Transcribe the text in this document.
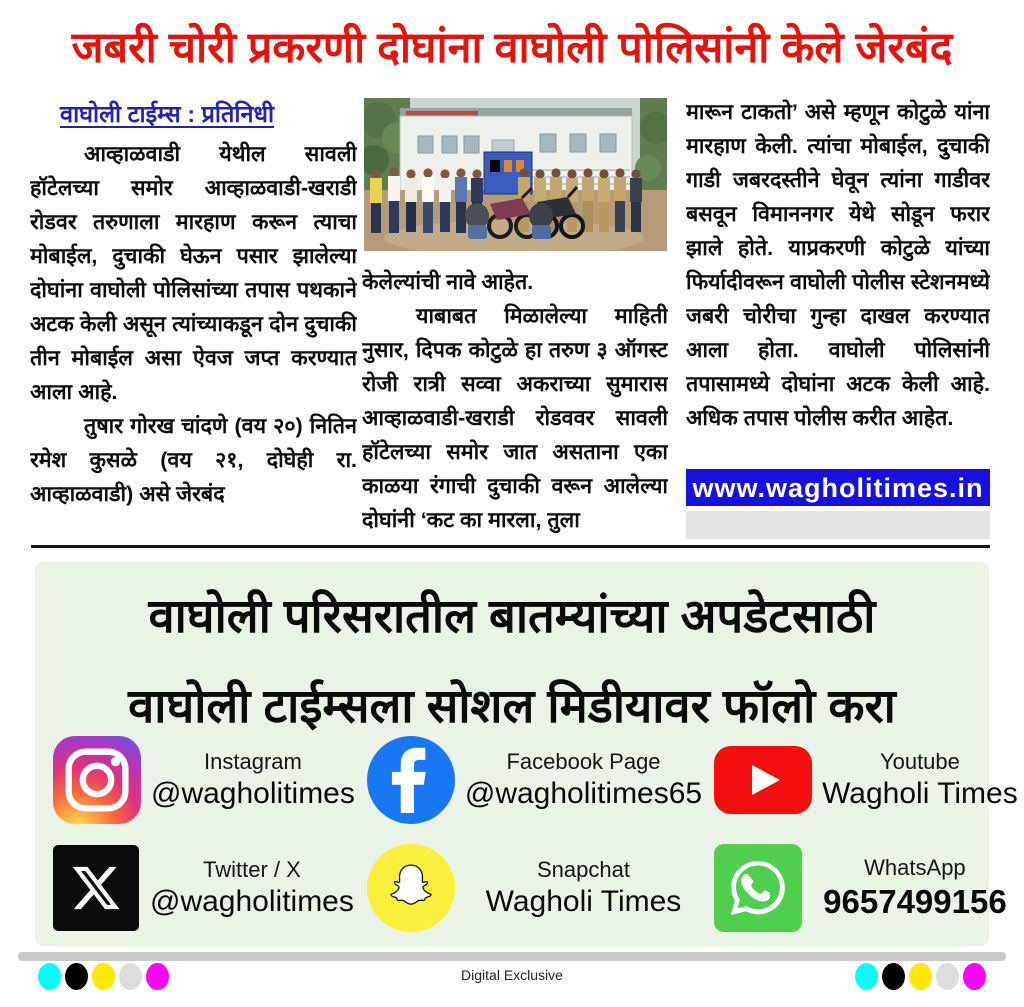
जबरी चोरी प्रकरणी दोघांना वाघोली पोलिसांनी केले जेरबंद
वाघोली टाईम्स : प्रतिनिधी

आव्हाळवाडी येथील सावली हॉटेलच्या समोर आव्हाळवाडी-खराडी रोडवर तरुणाला मारहाण करून त्याचा मोबाईल, दुचाकी घेऊन पसार झालेल्या दोघांना वाघोली पोलिसांच्या तपास पथकाने अटक केली असून त्यांच्याकडून दोन दुचाकी तीन मोबाईल असा ऐवज जप्त करण्यात आला आहे.

तुषार गोरख चांदणे (वय २०) नितिन रमेश कुसळे (वय २१, दोघेही रा. आव्हाळवाडी) असे जेरबंद

केलेल्यांची नावे आहेत.

याबाबत मिळालेल्या माहिती नुसार, दिपक कोटुळे हा तरुण ३ ऑगस्ट रोजी रात्री सव्वा अकराच्या सुमारास आव्हाळवाडी-खराडी रोडववर सावली हॉटेलच्या समोर जात असताना एका काळया रंगाची दुचाकी वरून आलेल्या दोघांनी ‘कट का मारला, तुला

मारून टाकतो’ असे म्हणून कोटुळे यांना मारहाण केली. त्यांचा मोबाईल, दुचाकी गाडी जबरदस्तीने घेवून त्यांना गाडीवर बसवून विमाननगर येथे सोडून फरार झाले होते. याप्रकरणी कोटुळे यांच्या फिर्यादीवरून वाघोली पोलीस स्टेशनमध्ये जबरी चोरीचा गुन्हा दाखल करण्यात आला होता. वाघोली पोलिसांनी तपासामध्ये दोघांना अटक केली आहे. अधिक तपास पोलीस करीत आहेत.

www.wagholitimes.in
वाघोली परिसरातील बातम्यांच्या अपडेटसाठी
वाघोली टाईम्सला सोशल मिडीयावर फॉलो करा
Instagram
@wagholitimes
Facebook Page
@wagholitimes65
Youtube
Wagholi Times
Twitter / X
@wagholitimes
Snapchat
Wagholi Times
WhatsApp
9657499156
Digital Exclusive
